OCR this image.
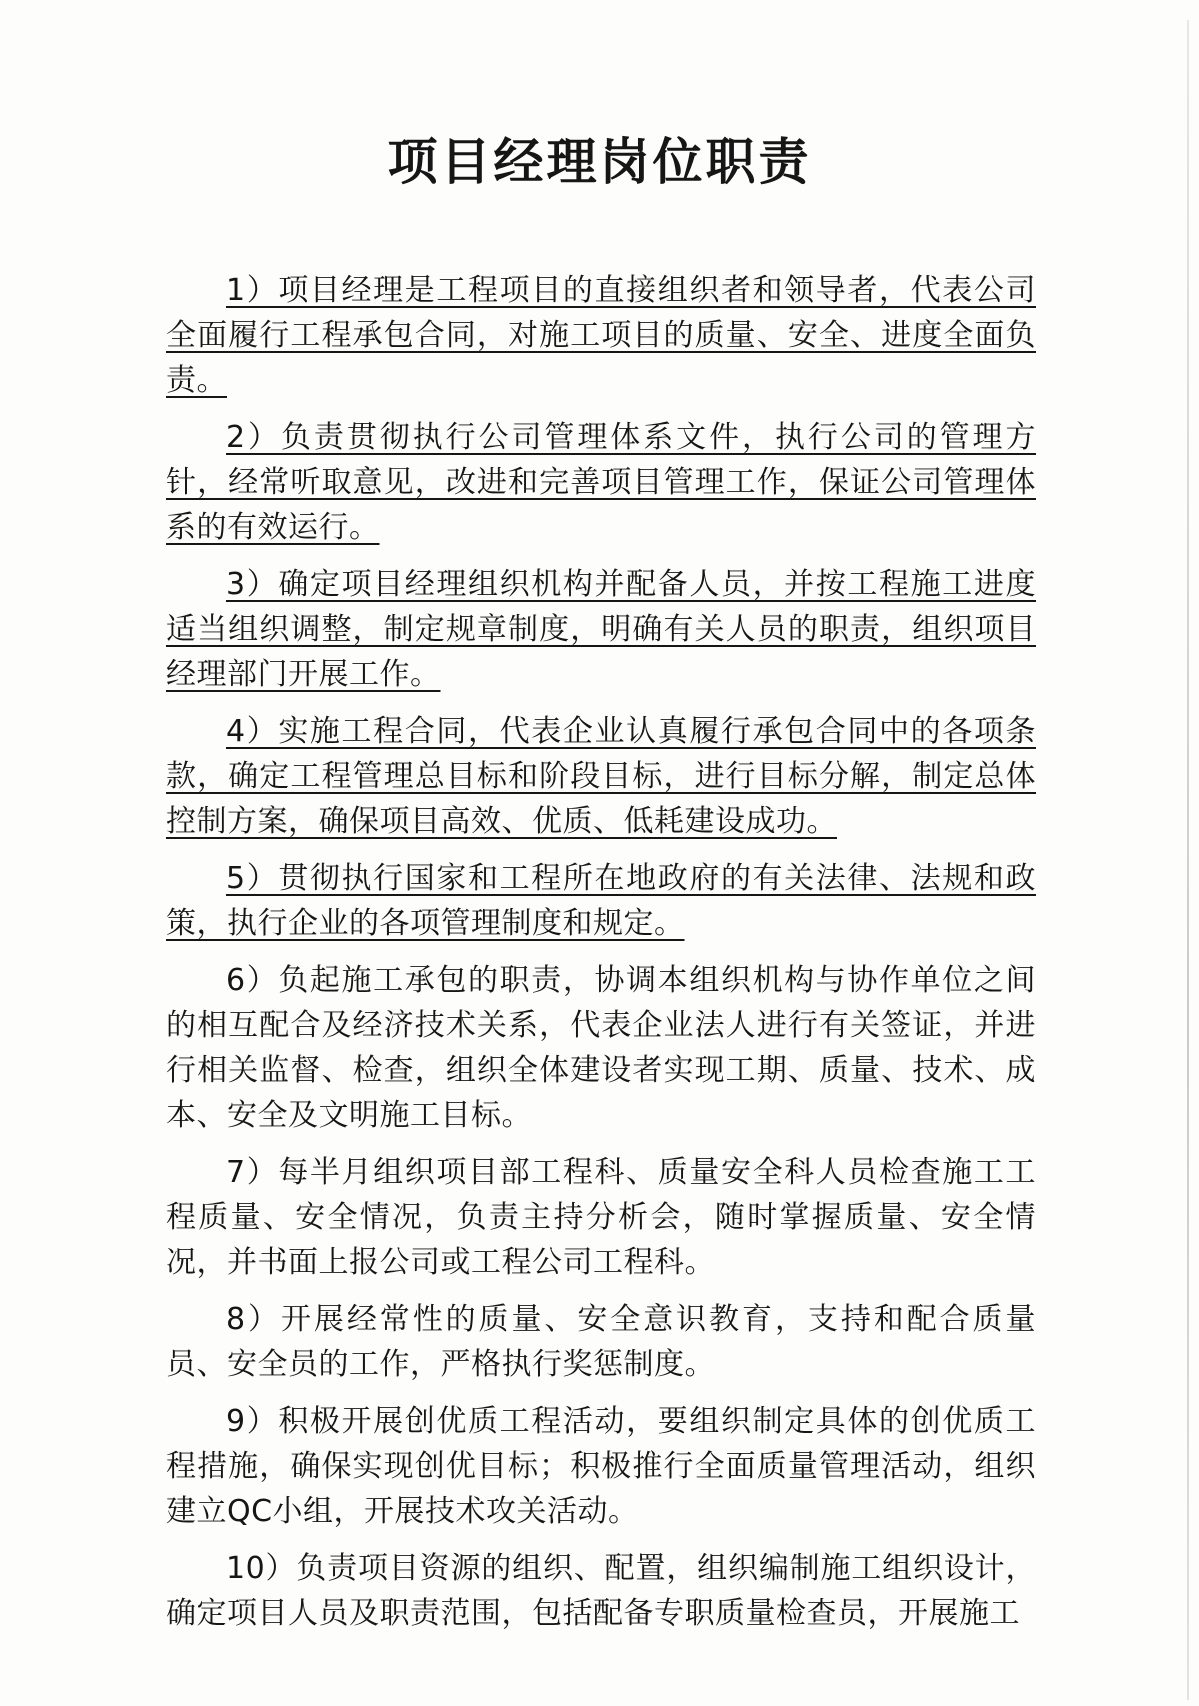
项目经理岗位职责

1）项目经理是工程项目的直接组织者和领导者，代表公司全面履行工程承包合同，对施工项目的质量、安全、进度全面负责。

2）负责贯彻执行公司管理体系文件，执行公司的管理方针，经常听取意见，改进和完善项目管理工作，保证公司管理体系的有效运行。

3）确定项目经理组织机构并配备人员，并按工程施工进度适当组织调整，制定规章制度，明确有关人员的职责，组织项目经理部门开展工作。

4）实施工程合同，代表企业认真履行承包合同中的各项条款，确定工程管理总目标和阶段目标，进行目标分解，制定总体控制方案，确保项目高效、优质、低耗建设成功。

5）贯彻执行国家和工程所在地政府的有关法律、法规和政策，执行企业的各项管理制度和规定。

6）负起施工承包的职责，协调本组织机构与协作单位之间的相互配合及经济技术关系，代表企业法人进行有关签证，并进行相关监督、检查，组织全体建设者实现工期、质量、技术、成本、安全及文明施工目标。

7）每半月组织项目部工程科、质量安全科人员检查施工工程质量、安全情况，负责主持分析会，随时掌握质量、安全情况，并书面上报公司或工程公司工程科。

8）开展经常性的质量、安全意识教育，支持和配合质量员、安全员的工作，严格执行奖惩制度。

9）积极开展创优质工程活动，要组织制定具体的创优质工程措施，确保实现创优目标；积极推行全面质量管理活动，组织建立QC小组，开展技术攻关活动。

10）负责项目资源的组织、配置，组织编制施工组织设计，确定项目人员及职责范围，包括配备专职质量检查员，开展施工
